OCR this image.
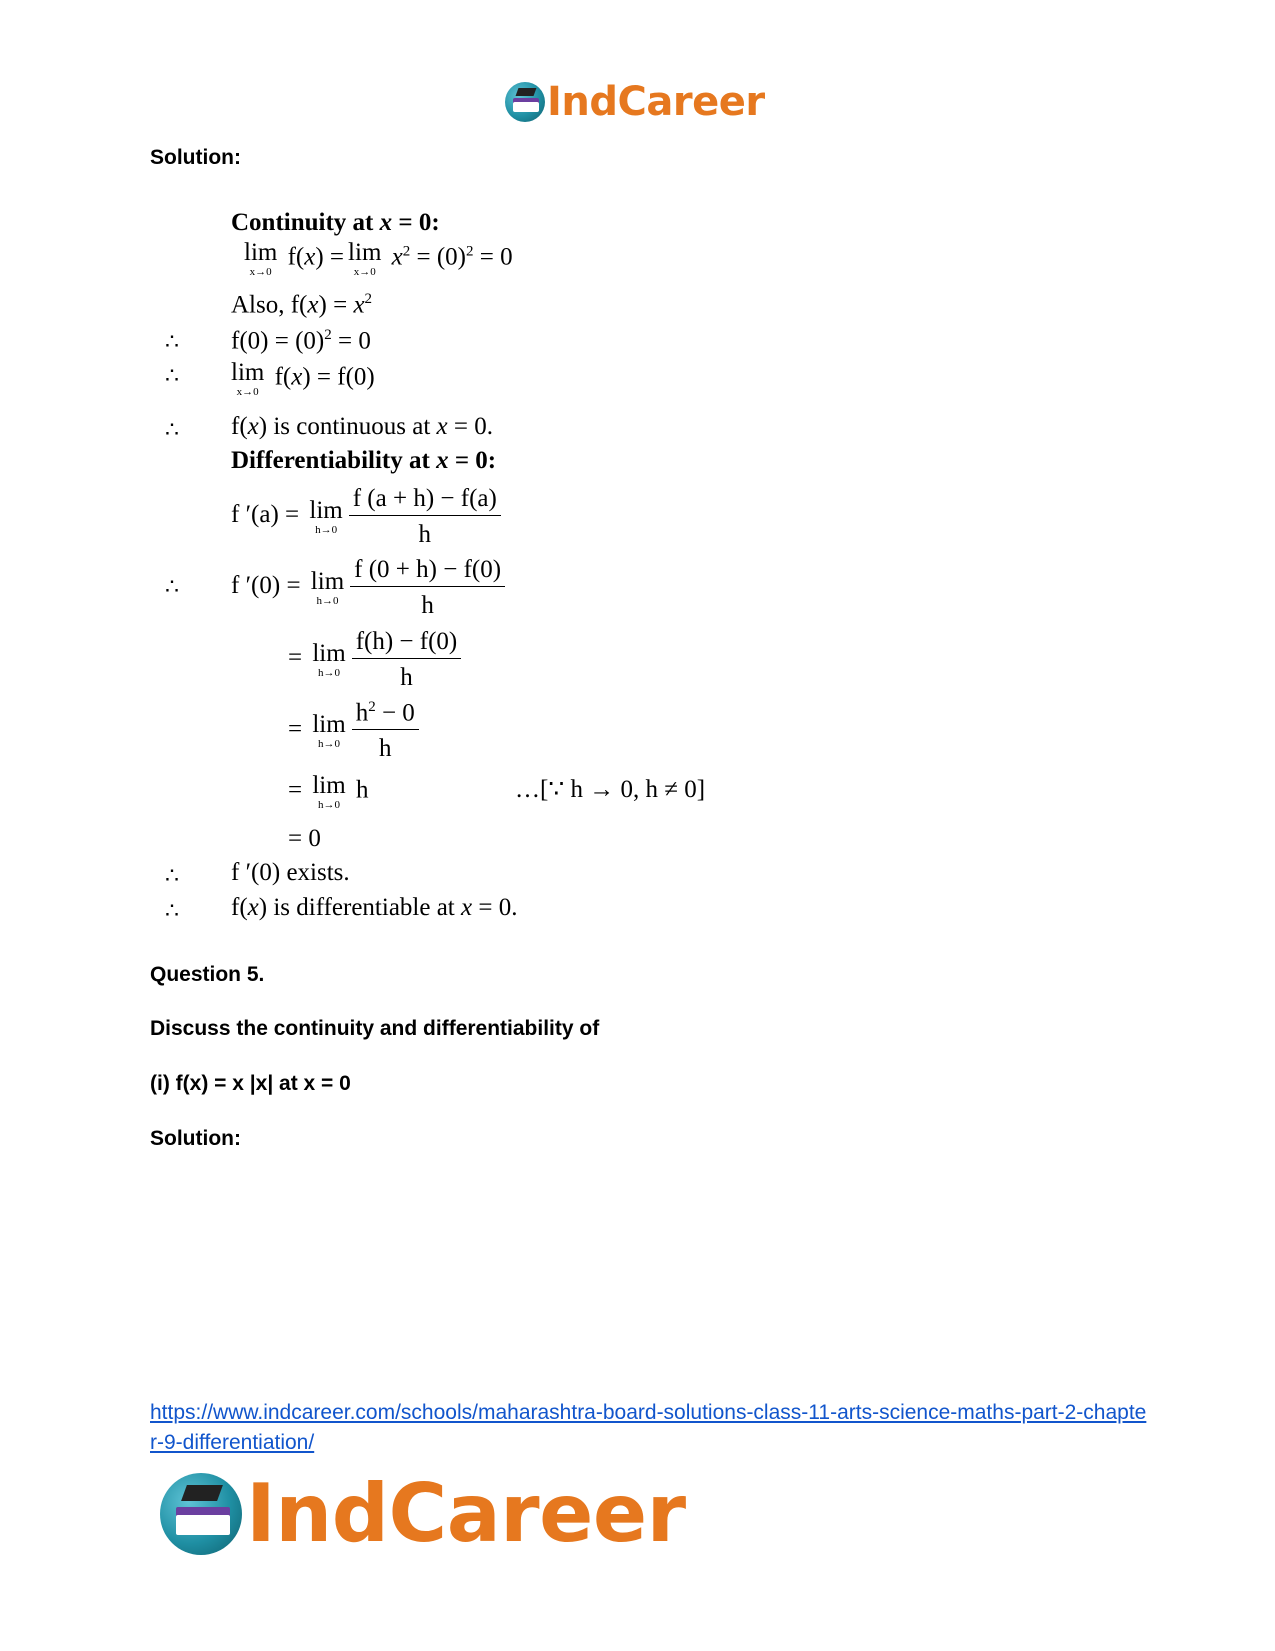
IndCareer
Solution:
Continuity at x = 0:
lim
x→0
f(x) = lim
x→0
$x^2 = (0)^2 = 0$
Also, $f(x) = x^2$
∴ $f(0) = (0)^2 = 0$
∴ lim
x→0
f(x) = f(0)
∴ f(x) is continuous at x = 0.
Differentiability at x = 0:
f ′(a) = lim
$h\to 0 \frac{f (a + h) - f(a)}{h}$
∴ f ′(0) = lim
$h\to 0 \frac{f (0 + h) - f(0)}{h}$
= lim
$h\to 0 \frac{f(h) - f(0)}{h}$
= lim
$h\to 0 \frac{h^2 - 0}{h}$
= lim
h→0
h	…[∵ h → 0, h ≠ 0]
= 0
∴ f ′(0) exists.
∴ f(x) is differentiable at x = 0.
Question 5.
Discuss the continuity and differentiability of
(i) f(x) = x |x| at x = 0
Solution:
https://www.indcareer.com/schools/maharashtra-board-solutions-class-11-arts-science-maths-part-2-chapter-9-differentiation/
IndCareer
